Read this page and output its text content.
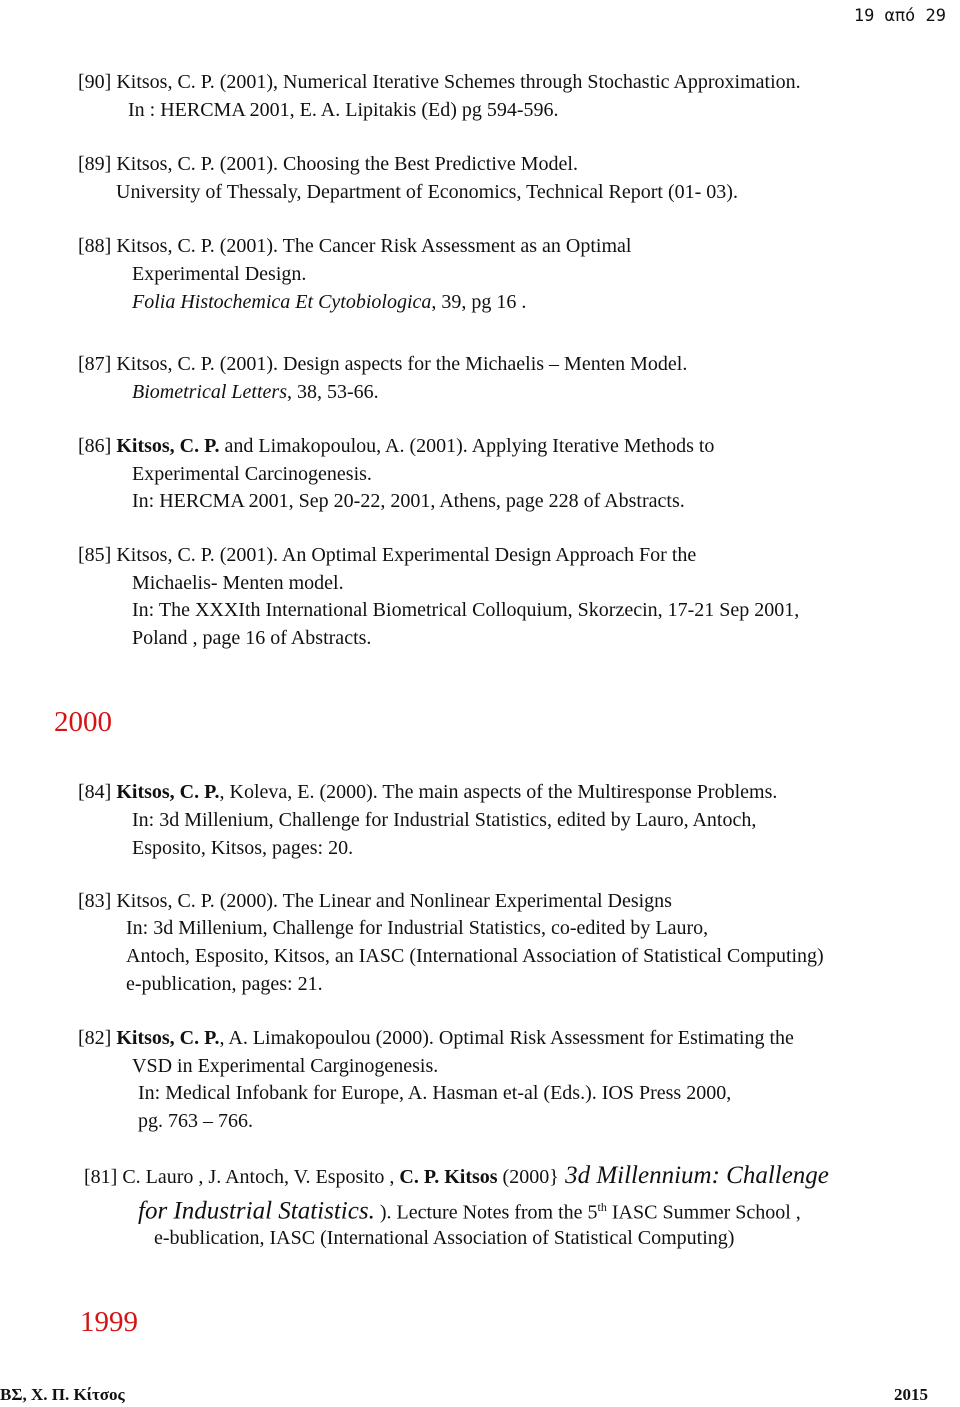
19 από 29
[90] Kitsos, C. P. (2001), Numerical Iterative Schemes through Stochastic Approximation.
In : HERCMA 2001, E. A. Lipitakis (Ed) pg 594-596.
[89] Kitsos, C. P. (2001). Choosing the Best Predictive Model.
University of Thessaly, Department of Economics, Technical Report (01- 03).
[88] Kitsos, C. P. (2001). The Cancer Risk Assessment as an Optimal
Experimental Design.
Folia Histochemica Et Cytobiologica, 39, pg 16 .
[87] Kitsos, C. P. (2001). Design aspects for the Michaelis – Menten Model.
Biometrical Letters, 38, 53-66.
[86] Kitsos, C. P. and Limakopoulou, A. (2001). Applying Iterative Methods to
Experimental Carcinogenesis.
In: HERCMA 2001, Sep 20-22, 2001, Athens, page 228 of Abstracts.
[85] Kitsos, C. P. (2001). An Optimal Experimental Design Approach For the
Michaelis- Menten model.
In: The XXXIth International Biometrical Colloquium, Skorzecin, 17-21 Sep 2001,
Poland , page 16 of Abstracts.
2000
[84] Kitsos, C. P., Koleva, E. (2000). The main aspects of the Multiresponse Problems.
In: 3d Millenium, Challenge for Industrial Statistics, edited by Lauro, Antoch,
Esposito, Kitsos, pages: 20.
[83] Kitsos, C. P. (2000). The Linear and Nonlinear Experimental Designs
In: 3d Millenium, Challenge for Industrial Statistics, co-edited by Lauro,
Antoch, Esposito, Kitsos, an IASC (International Association of Statistical Computing)
e-publication, pages: 21.
[82] Kitsos, C. P., A. Limakopoulou (2000). Optimal Risk Assessment for Estimating the
VSD in Experimental Carginogenesis.
In: Medical Infobank for Europe, A. Hasman et-al (Eds.). IOS Press 2000,
pg. 763 – 766.
[81] C. Lauro , J. Antoch, V. Esposito , C. P. Kitsos (2000} 3d Millennium: Challenge
for Industrial Statistics. ). Lecture Notes from the 5th IASC Summer School ,
e-bublication, IASC (International Association of Statistical Computing)
1999
ΒΣ, Χ. Π. Κίτσος	2015
